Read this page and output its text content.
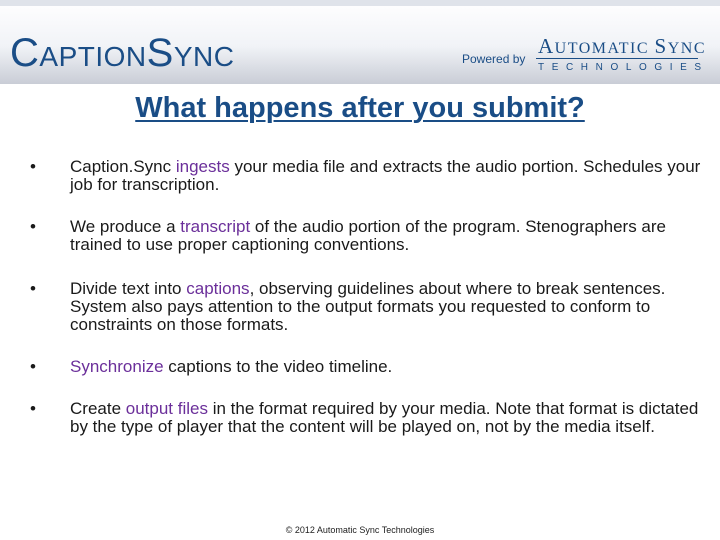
CAPTIONSYNC	Powered by
AUTOMATIC SYNC
TECHNOLOGIES
What happens after you submit?
• Caption.Sync ingests your media file and extracts the audio portion. Schedules your job for transcription.
• We produce a transcript of the audio portion of the program. Stenographers are trained to use proper captioning conventions.
• Divide text into captions, observing guidelines about where to break sentences. System also pays attention to the output formats you requested to conform to constraints on those formats.
• Synchronize captions to the video timeline.
• Create output files in the format required by your media. Note that format is dictated by the type of player that the content will be played on, not by the media itself.
© 2012 Automatic Sync Technologies
